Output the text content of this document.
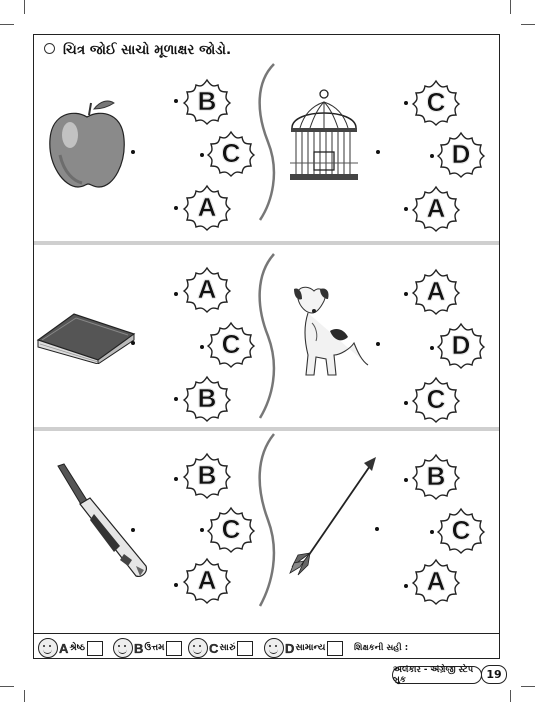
ચિત્ર જોઈ સાચો મૂળાક્ષર જોડો.
B
C
A
C
D
A
A
C
B
A
D
C
B
C
A
B
C
A
A શ્રેષ્ઠ	B ઉત્તમ	C સારું	D સામાન્ય	શિક્ષકની સહી :
અલંકાર - અંગ્રેજી સ્ટેપ બુક	19
